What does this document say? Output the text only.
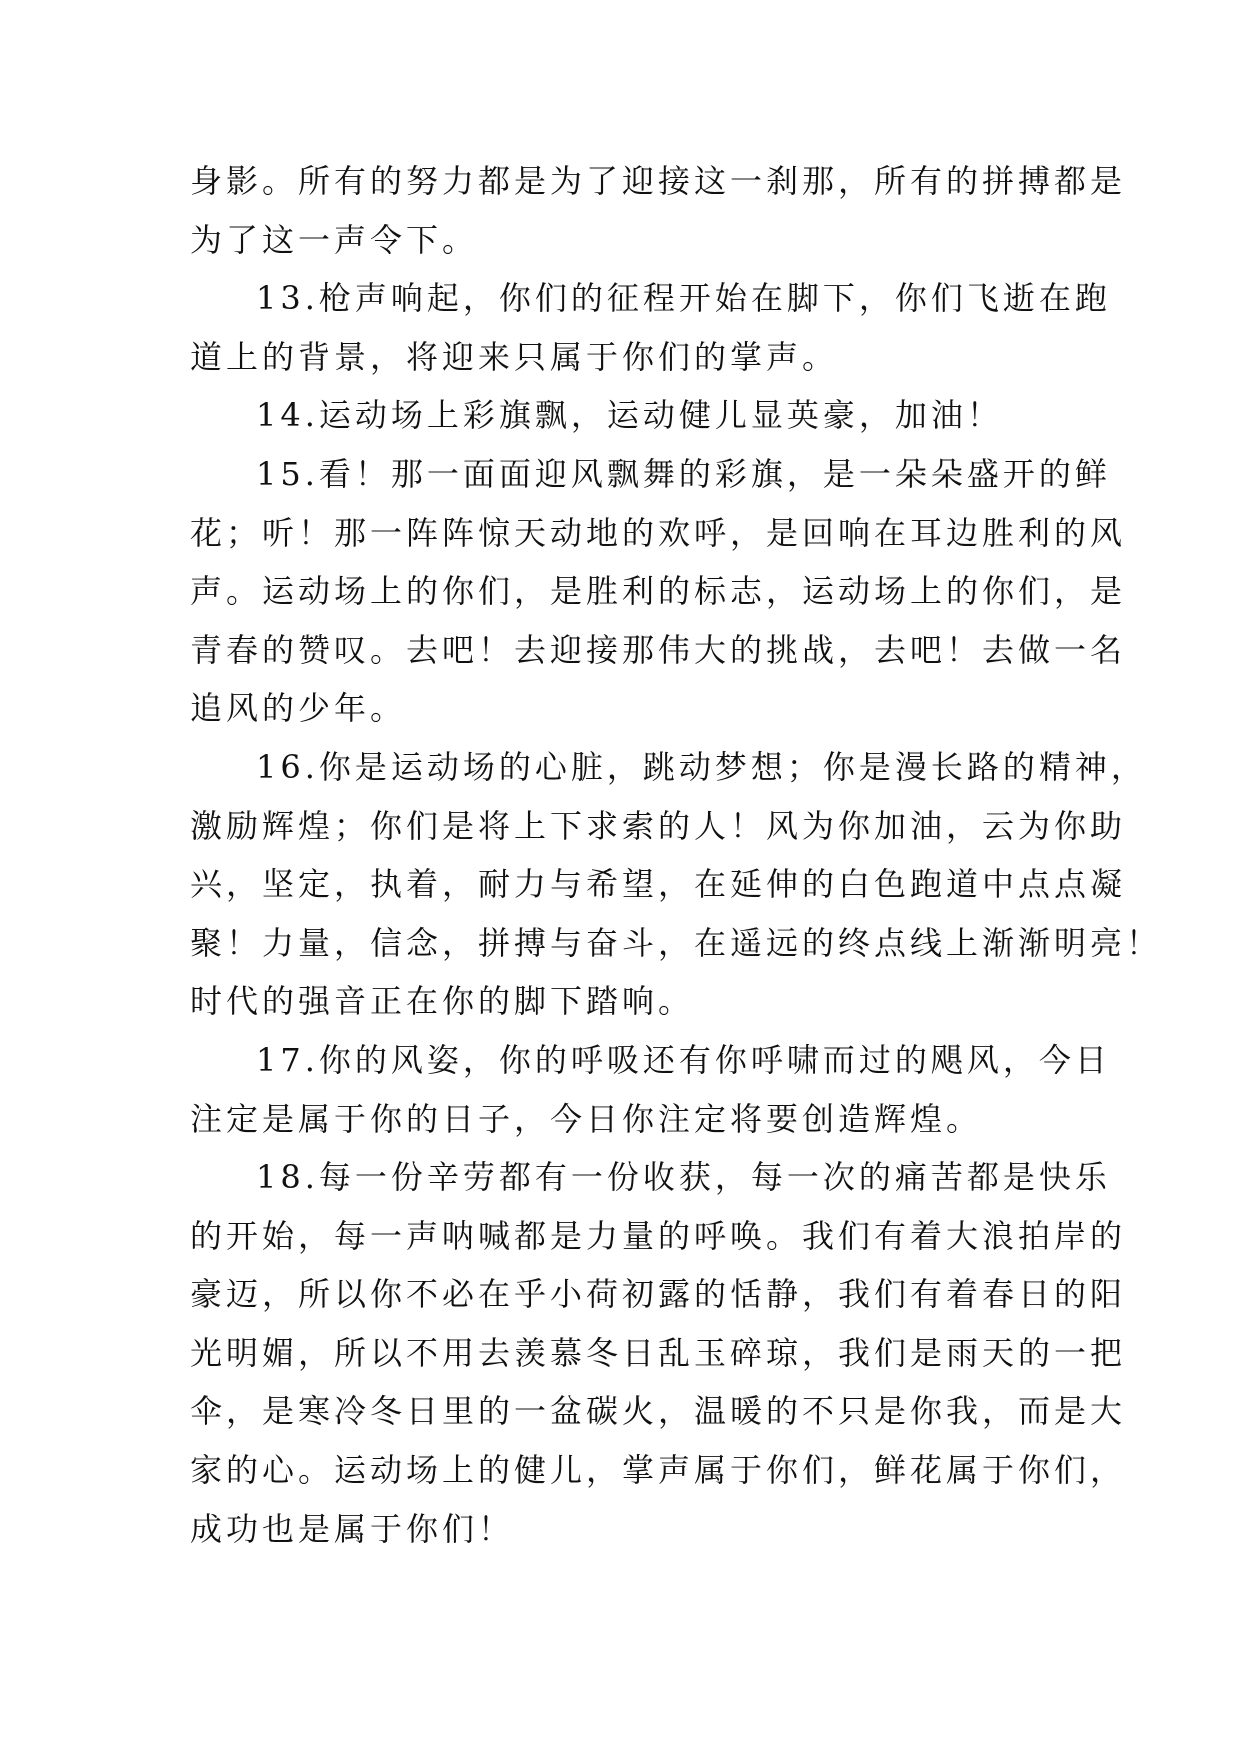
身影。所有的努力都是为了迎接这一刹那，所有的拼搏都是
为了这一声令下。
13.枪声响起，你们的征程开始在脚下，你们飞逝在跑
道上的背景，将迎来只属于你们的掌声。
14.运动场上彩旗飘，运动健儿显英豪，加油！
15.看！那一面面迎风飘舞的彩旗，是一朵朵盛开的鲜
花；听！那一阵阵惊天动地的欢呼，是回响在耳边胜利的风
声。运动场上的你们，是胜利的标志，运动场上的你们，是
青春的赞叹。去吧！去迎接那伟大的挑战，去吧！去做一名
追风的少年。
16.你是运动场的心脏，跳动梦想；你是漫长路的精神，
激励辉煌；你们是将上下求索的人！风为你加油，云为你助
兴，坚定，执着，耐力与希望，在延伸的白色跑道中点点凝
聚！力量，信念，拼搏与奋斗，在遥远的终点线上渐渐明亮！
时代的强音正在你的脚下踏响。
17.你的风姿，你的呼吸还有你呼啸而过的飓风，今日
注定是属于你的日子，今日你注定将要创造辉煌。
18.每一份辛劳都有一份收获，每一次的痛苦都是快乐
的开始，每一声呐喊都是力量的呼唤。我们有着大浪拍岸的
豪迈，所以你不必在乎小荷初露的恬静，我们有着春日的阳
光明媚，所以不用去羡慕冬日乱玉碎琼，我们是雨天的一把
伞，是寒冷冬日里的一盆碳火，温暖的不只是你我，而是大
家的心。运动场上的健儿，掌声属于你们，鲜花属于你们，
成功也是属于你们！
